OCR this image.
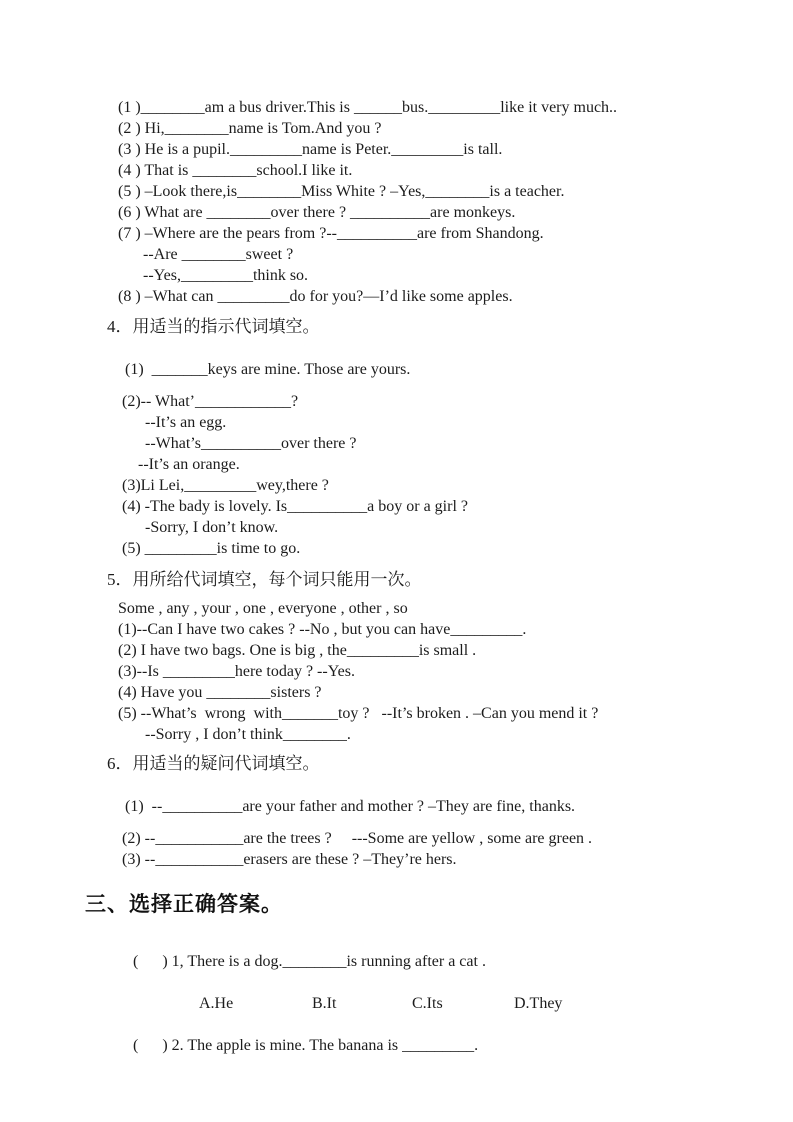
(1 )________am a bus driver.This is ______bus._________like it very much..

(2 ) Hi,________name is Tom.And you ?

(3 ) He is a pupil._________name is Peter._________is tall.

(4 ) That is ________school.I like it.

(5 ) –Look there,is________Miss White ? –Yes,________is a teacher.

(6 ) What are ________over there ? __________are monkeys.

(7 ) –Where are the pears from ?--__________are from Shandong.

--Are ________sweet ?

--Yes,_________think so.

(8 ) –What can _________do for you?—I’d like some apples.

4．用适当的指示代词填空。

(1)  _______keys are mine. Those are yours.

(2)-- What’____________?

--It’s an egg.

--What’s__________over there ?

--It’s an orange.

(3)Li Lei,_________wey,there ?

(4) -The bady is lovely. Is__________a boy or a girl ?

-Sorry, I don’t know.

(5) _________is time to go.

5．用所给代词填空，每个词只能用一次。

Some , any , your , one , everyone , other , so

(1)--Can I have two cakes ? --No , but you can have_________.

(2) I have two bags. One is big , the_________is small .

(3)--Is _________here today ? --Yes.

(4) Have you ________sisters ?

(5) --What’s  wrong  with_______toy ?   --It’s broken . –Can you mend it ?

--Sorry , I don’t think________.

6．用适当的疑问代词填空。

(1)  --__________are your father and mother ? –They are fine, thanks.

(2) --___________are the trees ?     ---Some are yellow , some are green .

(3) --___________erasers are these ? –They’re hers.

三、选择正确答案。

(      ) 1, There is a dog.________is running after a cat .

A.He	B.It	C.Its	D.They

(      ) 2. The apple is mine. The banana is _________.
